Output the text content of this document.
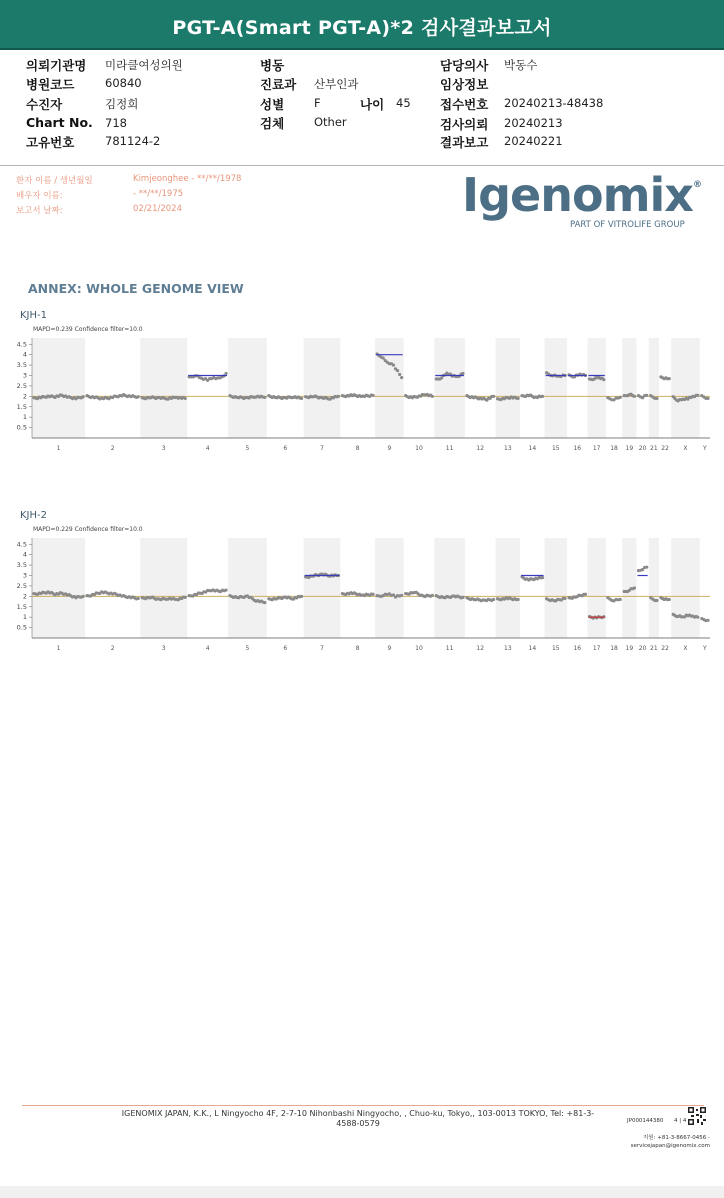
PGT-A(Smart PGT-A)*2 검사결과보고서
의뢰기관명 미라클여성의원
병원코드	60840
수진자	김정희
Chart No. 718
고유번호	781124-2
병동
진료과 산부인과
성별	F	나이 45
검체	Other
담당의사 박동수
임상정보
접수번호 20240213-48438
검사의뢰 20240213
결과보고 20240221
환자 이름 / 생년월일	Kimjeonghee - **/**/1978
배우자 이름:	- **/**/1975
보고서 날짜:	02/21/2024	Igenomix®
PART OF VITROLIFE GROUP
ANNEX: WHOLE GENOME VIEW
KJH-1
MAPD=0.239 Confidence filter=10.0
1	2	3	4	5	6	7	8	9	10	11	12	13	14	15 16 17 18 19 20 21 22 X	Y
4.5
4
3.5
3
2.5
2
1.5
1
0.5
KJH-2
MAPD=0.229 Confidence filter=10.0
1	2	3	4	5	6	7	8	9	10	11	12	13	14	15 16 17 18 19 20 21 22 X	Y
4.5
4
3.5
3
2.5
2
1.5
1
0.5
IGENOMIX JAPAN, K.K., L Ningyocho 4F, 2-7-10 Nihonbashi Ningyocho, , Chuo-ku, Tokyo,, 103-0013 TOKYO, Tel: +81-3-4588-0579	JP000144380 4 | 4
지원: +81-3-8667-0456 -
servicejapan@igenomix.com
